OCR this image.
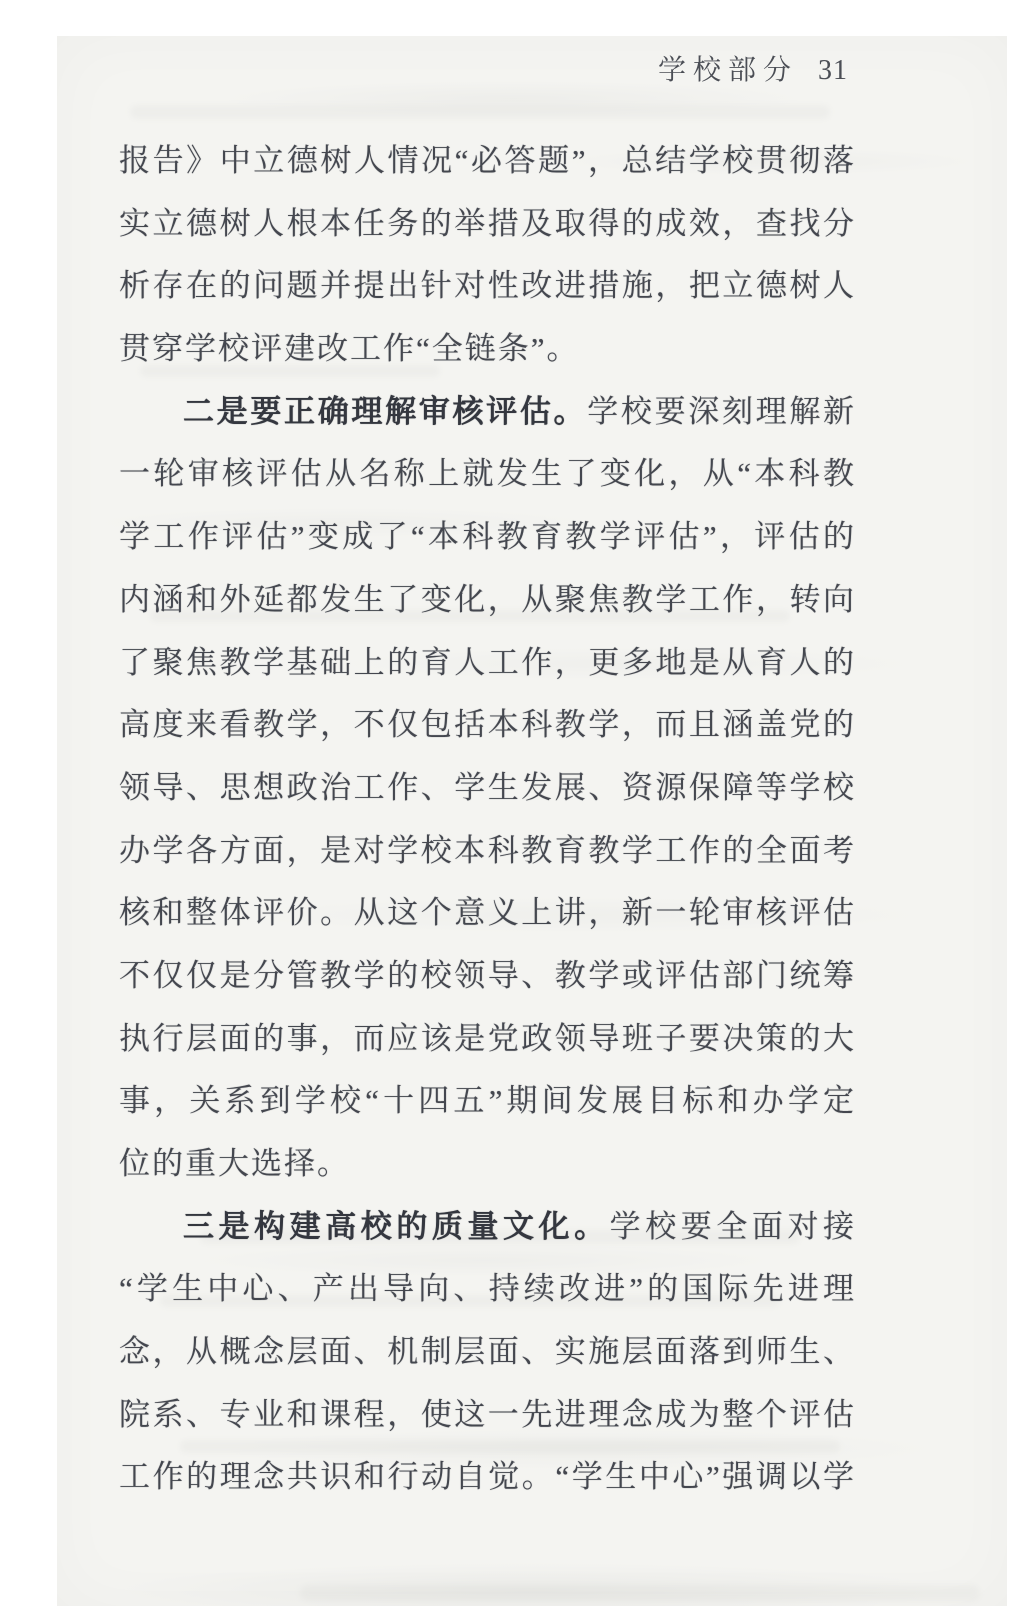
学校部分 31
报告》中立德树人情况“必答题”，总结学校贯彻落
实立德树人根本任务的举措及取得的成效，查找分
析存在的问题并提出针对性改进措施，把立德树人
贯穿学校评建改工作“全链条”。
二是要正确理解审核评估。学校要深刻理解新
一轮审核评估从名称上就发生了变化，从“本科教
学工作评估”变成了“本科教育教学评估”，评估的
内涵和外延都发生了变化，从聚焦教学工作，转向
了聚焦教学基础上的育人工作，更多地是从育人的
高度来看教学，不仅包括本科教学，而且涵盖党的
领导、思想政治工作、学生发展、资源保障等学校
办学各方面，是对学校本科教育教学工作的全面考
核和整体评价。从这个意义上讲，新一轮审核评估
不仅仅是分管教学的校领导、教学或评估部门统筹
执行层面的事，而应该是党政领导班子要决策的大
事，关系到学校“十四五”期间发展目标和办学定
位的重大选择。
三是构建高校的质量文化。学校要全面对接
“学生中心、产出导向、持续改进”的国际先进理
念，从概念层面、机制层面、实施层面落到师生、
院系、专业和课程，使这一先进理念成为整个评估
工作的理念共识和行动自觉。“学生中心”强调以学
